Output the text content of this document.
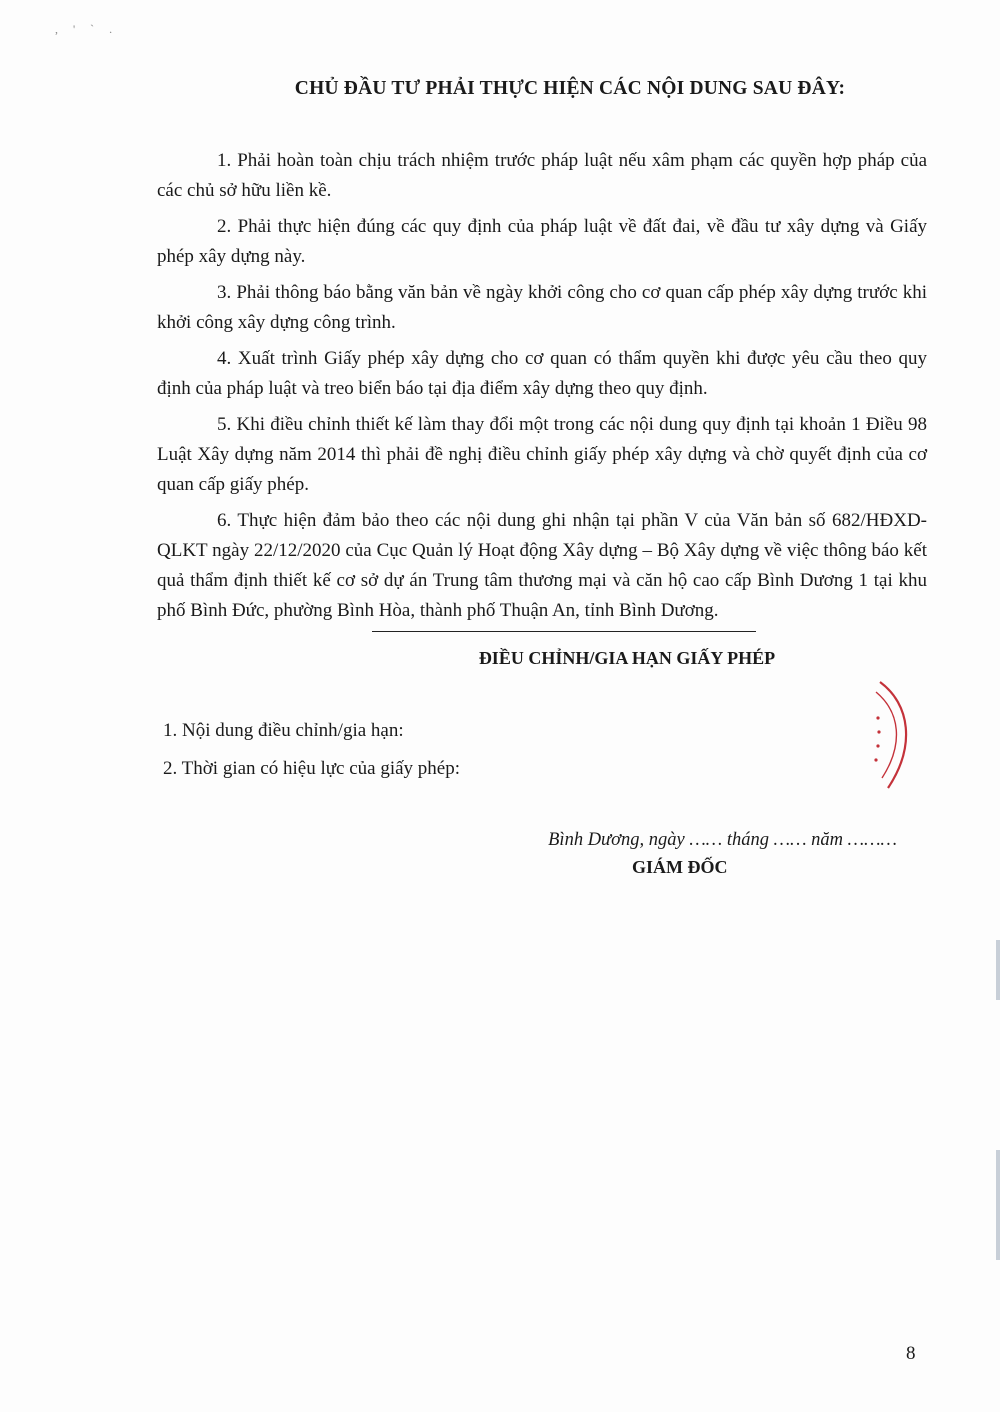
, ' ` .
CHỦ ĐẦU TƯ PHẢI THỰC HIỆN CÁC NỘI DUNG SAU ĐÂY:

1. Phải hoàn toàn chịu trách nhiệm trước pháp luật nếu xâm phạm các quyền hợp pháp của các chủ sở hữu liền kề.

2. Phải thực hiện đúng các quy định của pháp luật về đất đai, về đầu tư xây dựng và Giấy phép xây dựng này.

3. Phải thông báo bằng văn bản về ngày khởi công cho cơ quan cấp phép xây dựng trước khi khởi công xây dựng công trình.

4. Xuất trình Giấy phép xây dựng cho cơ quan có thẩm quyền khi được yêu cầu theo quy định của pháp luật và treo biển báo tại địa điểm xây dựng theo quy định.

5. Khi điều chỉnh thiết kế làm thay đổi một trong các nội dung quy định tại khoản 1 Điều 98 Luật Xây dựng năm 2014 thì phải đề nghị điều chỉnh giấy phép xây dựng và chờ quyết định của cơ quan cấp giấy phép.

6. Thực hiện đảm bảo theo các nội dung ghi nhận tại phần V của Văn bản số 682/HĐXD-QLKT ngày 22/12/2020 của Cục Quản lý Hoạt động Xây dựng – Bộ Xây dựng về việc thông báo kết quả thẩm định thiết kế cơ sở dự án Trung tâm thương mại và căn hộ cao cấp Bình Dương 1 tại khu phố Bình Đức, phường Bình Hòa, thành phố Thuận An, tỉnh Bình Dương.

ĐIỀU CHỈNH/GIA HẠN GIẤY PHÉP
1. Nội dung điều chỉnh/gia hạn:
2. Thời gian có hiệu lực của giấy phép:
Bình Dương, ngày …… tháng …… năm ………
GIÁM ĐỐC
8
